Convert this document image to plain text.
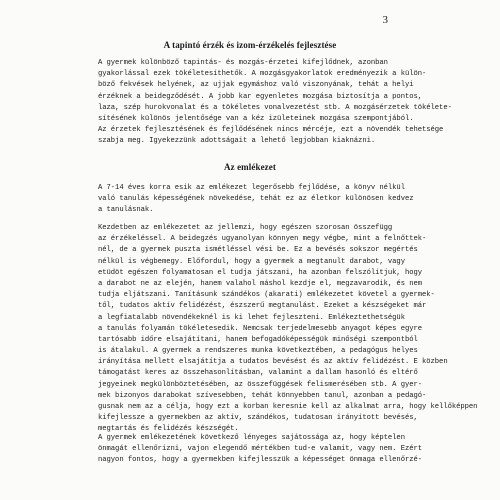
3
A tapintó érzék és izom-érzékelés fejlesztése
A gyermek különböző tapintás- és mozgás-érzetei kifejlődnek, azonban
gyakorlással ezek tökéletesíthetők. A mozgásgyakorlatok eredményezik a külön-
böző fekvések helyének, az ujjak egymáshoz való viszonyának, tehát a helyi
érzéknek a beidegződését. A jobb kar egyenletes mozgása biztosítja a pontos,
laza, szép hurokvonalat és a tökéletes vonalvezetést stb. A mozgásérzetek tökélete-
sítésének különös jelentősége van a kéz izületeinek mozgása szempontjából.
Az érzetek fejlesztésének és fejlődésének nincs mércéje, ezt a növendék tehetsége
szabja meg. Igyekezzünk adottságait a lehető legjobban kiaknázni.
Az emlékezet
A 7-14 éves korra esik az emlékezet legerősebb fejlődése, a könyv nélkül
való tanulás képességének növekedése, tehát ez az életkor különösen kedvez
a tanulásnak.
Kezdetben az emlékezetet az jellemzi, hogy egészen szorosan összefügg
az érzékeléssel. A beidegzés ugyanolyan könnyen megy végbe, mint a felnőttek-
nél, de a gyermek puszta ismétléssel vési be. Ez a bevésés sokszor megértés
nélkül is végbemegy. Előfordul, hogy a gyermek a megtanult darabot, vagy
etüdöt egészen folyamatosan el tudja játszani, ha azonban felszólítjuk, hogy
a darabot ne az elején, hanem valahol máshol kezdje el, megzavarodik, és nem
tudja eljátszani. Tanításunk szándékos (akarati) emlékezetet követel a gyermek-
től, tudatos aktív felidézést, észszerű megtanulást. Ezeket a készségeket már
a legfiatalabb növendékeknél is ki lehet fejleszteni. Emlékeztethetségük
a tanulás folyamán tökéletesedik. Nemcsak terjedelmesebb anyagot képes egyre
tartósabb időre elsajátítani, hanem befogadóképességük minőségi szempontból
is átalakul. A gyermek a rendszeres munka következtében, a pedagógus helyes
irányítása mellett elsajátítja a tudatos bevésést és az aktív felidézést. E közben
támogatást keres az összehasonlításban, valamint a dallam hasonló és eltérő
jegyeinek megkülönböztetésében, az összefüggések felismerésében stb. A gyer-
mek bizonyos darabokat szívesebben, tehát könnyebben tanul, azonban a pedagó-
gusnak nem az a célja, hogy ezt a korban keresnie kell az alkalmat arra, hogy kellőképpen
kifejlessze a gyermekben az aktív, szándékos, tudatosan irányított bevésés,
megtartás és felidézés készségét.
A gyermek emlékezetének következő lényeges sajátossága az, hogy képtelen
önmagát ellenőrizni, vajon elegendő mértékben tud-e valamit, vagy nem. Ezért
nagyon fontos, hogy a gyermekben kifejlesszük a képességet önmaga ellenőrzé-
